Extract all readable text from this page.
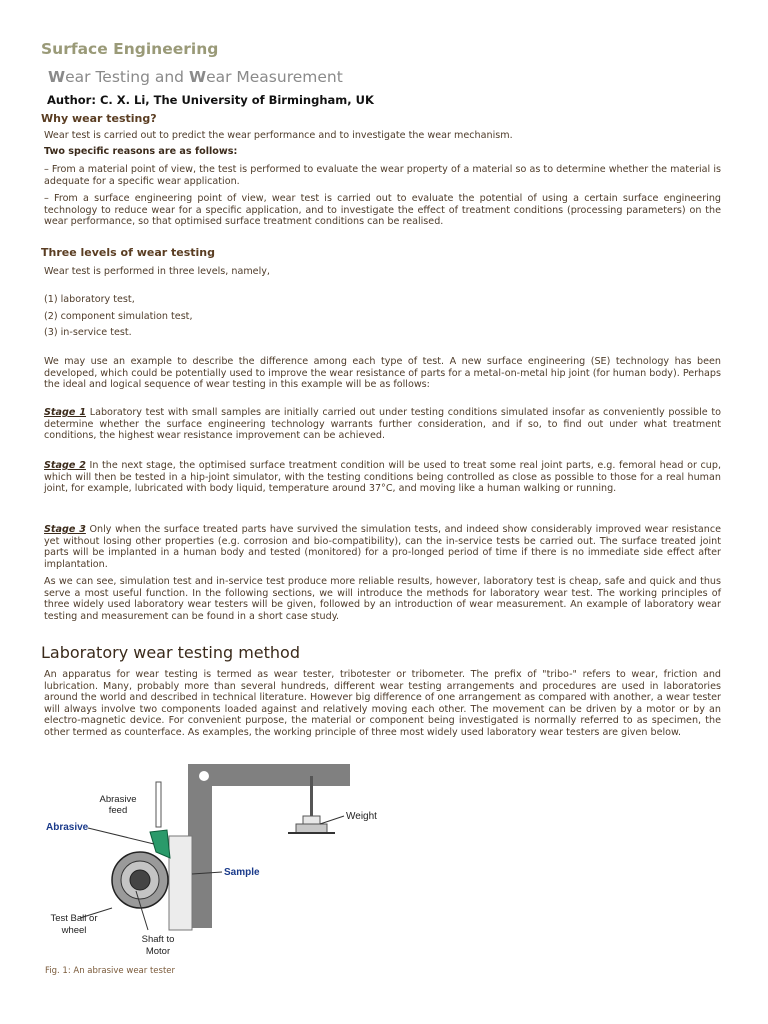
Surface Engineering
Wear Testing and Wear Measurement
Author: C. X. Li, The University of Birmingham, UK
Why wear testing?

Wear test is carried out to predict the wear performance and to investigate the wear mechanism.

Two specific reasons are as follows:

– From a material point of view, the test is performed to evaluate the wear property of a material so as to determine whether the material is adequate for a specific wear application.

– From a surface engineering point of view, wear test is carried out to evaluate the potential of using a certain surface engineering technology to reduce wear for a specific application, and to investigate the effect of treatment conditions (processing parameters) on the wear performance, so that optimised surface treatment conditions can be realised.

Three levels of wear testing

Wear test is performed in three levels, namely,

(1) laboratory test,

(2) component simulation test,

(3) in-service test.

We may use an example to describe the difference among each type of test. A new surface engineering (SE) technology has been developed, which could be potentially used to improve the wear resistance of parts for a metal-on-metal hip joint (for human body). Perhaps the ideal and logical sequence of wear testing in this example will be as follows:

Stage 1 Laboratory test with small samples are initially carried out under testing conditions simulated insofar as conveniently possible to determine whether the surface engineering technology warrants further consideration, and if so, to find out under what treatment conditions, the highest wear resistance improvement can be achieved.

Stage 2 In the next stage, the optimised surface treatment condition will be used to treat some real joint parts, e.g. femoral head or cup, which will then be tested in a hip-joint simulator, with the testing conditions being controlled as close as possible to those for a real human joint, for example, lubricated with body liquid, temperature around 37°C, and moving like a human walking or running.

Stage 3 Only when the surface treated parts have survived the simulation tests, and indeed show considerably improved wear resistance yet without losing other properties (e.g. corrosion and bio-compatibility), can the in-service tests be carried out. The surface treated joint parts will be implanted in a human body and tested (monitored) for a pro-longed period of time if there is no immediate side effect after implantation.

As we can see, simulation test and in-service test produce more reliable results, however, laboratory test is cheap, safe and quick and thus serve a most useful function. In the following sections, we will introduce the methods for laboratory wear test. The working principles of three widely used laboratory wear testers will be given, followed by an introduction of wear measurement. An example of laboratory wear testing and measurement can be found in a short case study.

Laboratory wear testing method

An apparatus for wear testing is termed as wear tester, tribotester or tribometer. The prefix of "tribo-" refers to wear, friction and lubrication. Many, probably more than several hundreds, different wear testing arrangements and procedures are used in laboratories around the world and described in technical literature. However big difference of one arrangement as compared with another, a wear tester will always involve two components loaded against and relatively moving each other. The movement can be driven by a motor or by an electro-magnetic device. For convenient purpose, the material or component being investigated is normally referred to as specimen, the other termed as counterface. As examples, the working principle of three most widely used laboratory wear testers are given below.

Abrasive
feed
Abrasive
Weight
Sample
Test Ball or
wheel
Shaft to
Motor
Fig. 1: An abrasive wear tester
